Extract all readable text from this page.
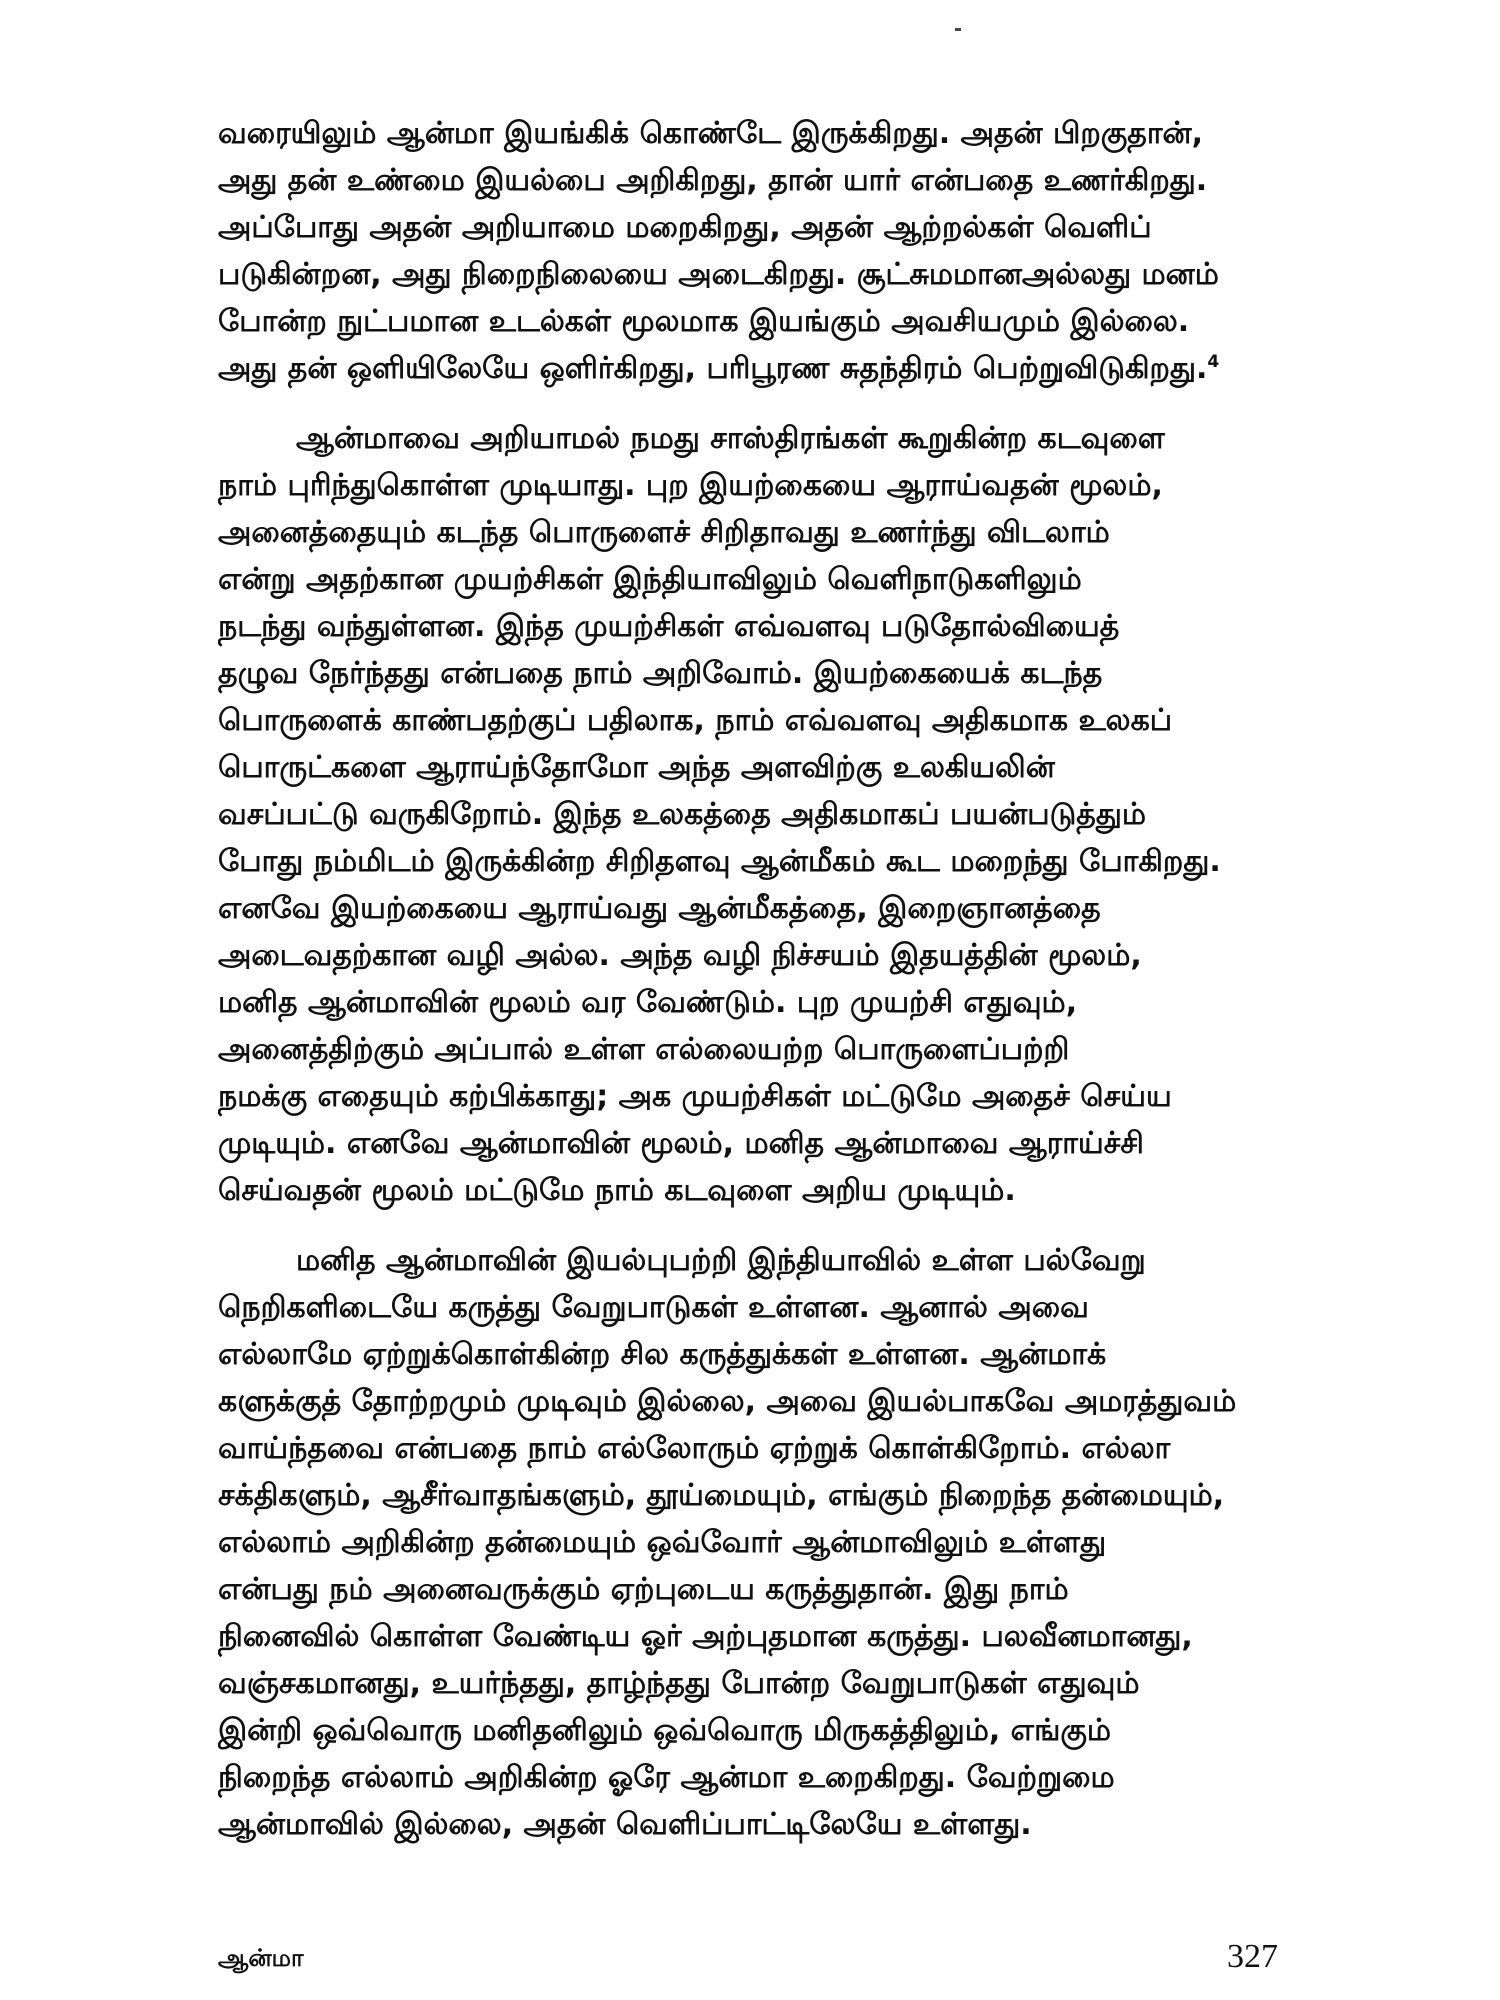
வரையிலும் ஆன்மா இயங்கிக் கொண்டே இருக்கிறது. அதன் பிறகுதான்,
அது தன் உண்மை இயல்பை அறிகிறது, தான் யார் என்பதை உணர்கிறது.
அப்போது அதன் அறியாமை மறைகிறது, அதன் ஆற்றல்கள் வெளிப்
படுகின்றன, அது நிறைநிலையை அடைகிறது. சூட்சுமமானஅல்லது மனம்
போன்ற நுட்பமான உடல்கள் மூலமாக இயங்கும் அவசியமும் இல்லை.
அது தன் ஒளியிலேயே ஒளிர்கிறது, பரிபூரண சுதந்திரம் பெற்றுவிடுகிறது.$^4$
ஆன்மாவை அறியாமல் நமது சாஸ்திரங்கள் கூறுகின்ற கடவுளை
நாம் புரிந்துகொள்ள முடியாது. புற இயற்கையை ஆராய்வதன் மூலம்,
அனைத்தையும் கடந்த பொருளைச் சிறிதாவது உணர்ந்து விடலாம்
என்று அதற்கான முயற்சிகள் இந்தியாவிலும் வெளிநாடுகளிலும்
நடந்து வந்துள்ளன. இந்த முயற்சிகள் எவ்வளவு படுதோல்வியைத்
தழுவ நேர்ந்தது என்பதை நாம் அறிவோம். இயற்கையைக் கடந்த
பொருளைக் காண்பதற்குப் பதிலாக, நாம் எவ்வளவு அதிகமாக உலகப்
பொருட்களை ஆராய்ந்தோமோ அந்த அளவிற்கு உலகியலின்
வசப்பட்டு வருகிறோம். இந்த உலகத்தை அதிகமாகப் பயன்படுத்தும்
போது நம்மிடம் இருக்கின்ற சிறிதளவு ஆன்மீகம் கூட மறைந்து போகிறது.
எனவே இயற்கையை ஆராய்வது ஆன்மீகத்தை, இறைஞானத்தை
அடைவதற்கான வழி அல்ல. அந்த வழி நிச்சயம் இதயத்தின் மூலம்,
மனித ஆன்மாவின் மூலம் வர வேண்டும். புற முயற்சி எதுவும்,
அனைத்திற்கும் அப்பால் உள்ள எல்லையற்ற பொருளைப்பற்றி
நமக்கு எதையும் கற்பிக்காது; அக முயற்சிகள் மட்டுமே அதைச் செய்ய
முடியும். எனவே ஆன்மாவின் மூலம், மனித ஆன்மாவை ஆராய்ச்சி
செய்வதன் மூலம் மட்டுமே நாம் கடவுளை அறிய முடியும்.
மனித ஆன்மாவின் இயல்புபற்றி இந்தியாவில் உள்ள பல்வேறு
நெறிகளிடையே கருத்து வேறுபாடுகள் உள்ளன. ஆனால் அவை
எல்லாமே ஏற்றுக்கொள்கின்ற சில கருத்துக்கள் உள்ளன. ஆன்மாக்
களுக்குத் தோற்றமும் முடிவும் இல்லை, அவை இயல்பாகவே அமரத்துவம்
வாய்ந்தவை என்பதை நாம் எல்லோரும் ஏற்றுக் கொள்கிறோம். எல்லா
சக்திகளும், ஆசீர்வாதங்களும், தூய்மையும், எங்கும் நிறைந்த தன்மையும்,
எல்லாம் அறிகின்ற தன்மையும் ஒவ்வோர் ஆன்மாவிலும் உள்ளது
என்பது நம் அனைவருக்கும் ஏற்புடைய கருத்துதான். இது நாம்
நினைவில் கொள்ள வேண்டிய ஓர் அற்புதமான கருத்து. பலவீனமானது,
வஞ்சகமானது, உயர்ந்தது, தாழ்ந்தது போன்ற வேறுபாடுகள் எதுவும்
இன்றி ஒவ்வொரு மனிதனிலும் ஒவ்வொரு மிருகத்திலும், எங்கும்
நிறைந்த எல்லாம் அறிகின்ற ஓரே ஆன்மா உறைகிறது. வேற்றுமை
ஆன்மாவில் இல்லை, அதன் வெளிப்பாட்டிலேயே உள்ளது.
ஆன்மா	327
